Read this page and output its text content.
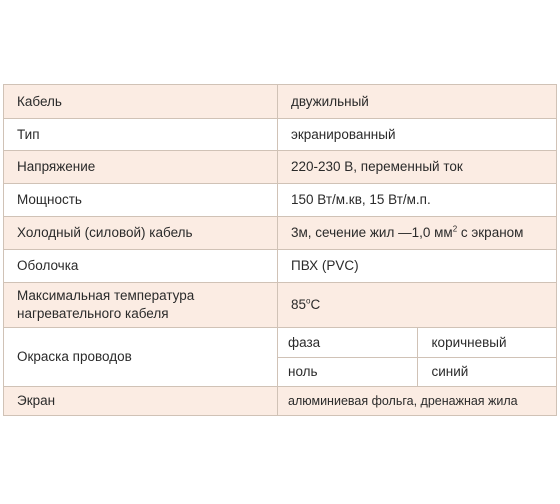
Кабель	двужильный	
Тип	экранированный	
Напряжение	220-230 В, переменный ток	
Мощность	150 Вт/м.кв, 15 Вт/м.п.	
Холодный (силовой) кабель	3м, сечение жил —1,0 $мм^2$ с экраном	
Оболочка	ПВХ (PVC)	
Максимальная температура
нагревательного кабеля	85$^o$C	
Окраска проводов	фаза	коричневый
	ноль	синий
Экран	алюминиевая фольга, дренажная жила	
